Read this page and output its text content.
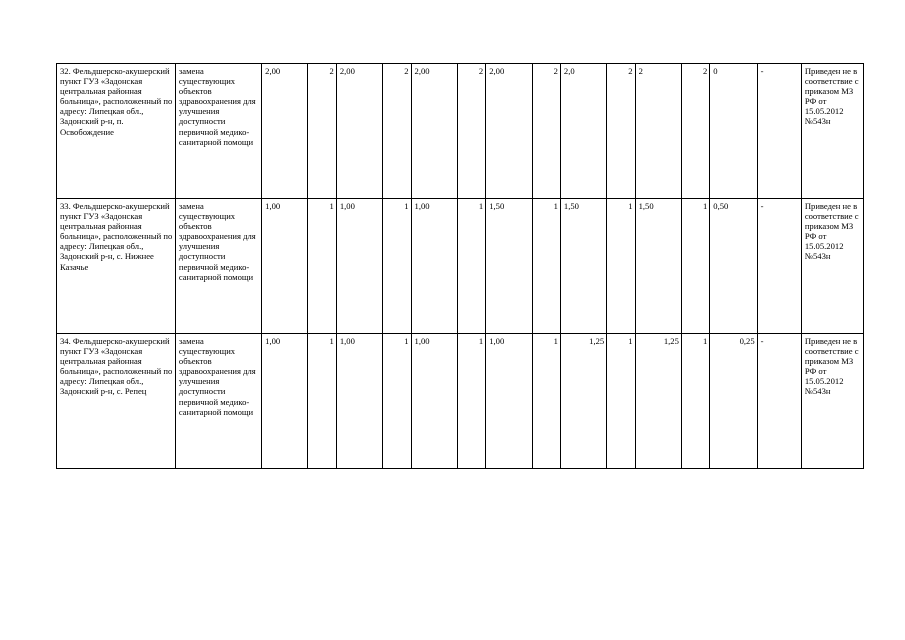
32. Фельдшерско-акушерский пункт ГУЗ «Задонская центральная районная больница», расположенный по адресу: Липецкая обл., Задонский р-н, п. Освобождение	замена существующих объектов здравоохранения для улучшения доступности первичной медико-санитарной помощи	2,00	2	2,00	2	2,00	2	2,00	2	2,0	2	2	2	0	-	Приведен не в соответствие с приказом МЗ РФ от 15.05.2012 №543н
33. Фельдшерско-акушерский пункт ГУЗ «Задонская центральная районная больница», расположенный по адресу: Липецкая обл., Задонский р-н, с. Нижнее Казачье	замена существующих объектов здравоохранения для улучшения доступности первичной медико-санитарной помощи	1,00	1	1,00	1	1,00	1	1,50	1	1,50	1	1,50	1	0,50	-	Приведен не в соответствие с приказом МЗ РФ от 15.05.2012 №543н
34. Фельдшерско-акушерский пункт ГУЗ «Задонская центральная районная больница», расположенный по адресу: Липецкая обл., Задонский р-н, с. Репец	замена существующих объектов здравоохранения для улучшения доступности первичной медико-санитарной помощи	1,00	1	1,00	1	1,00	1	1,00	1	1,25	1	1,25	1	0,25	-	Приведен не в соответствие с приказом МЗ РФ от 15.05.2012 №543н
